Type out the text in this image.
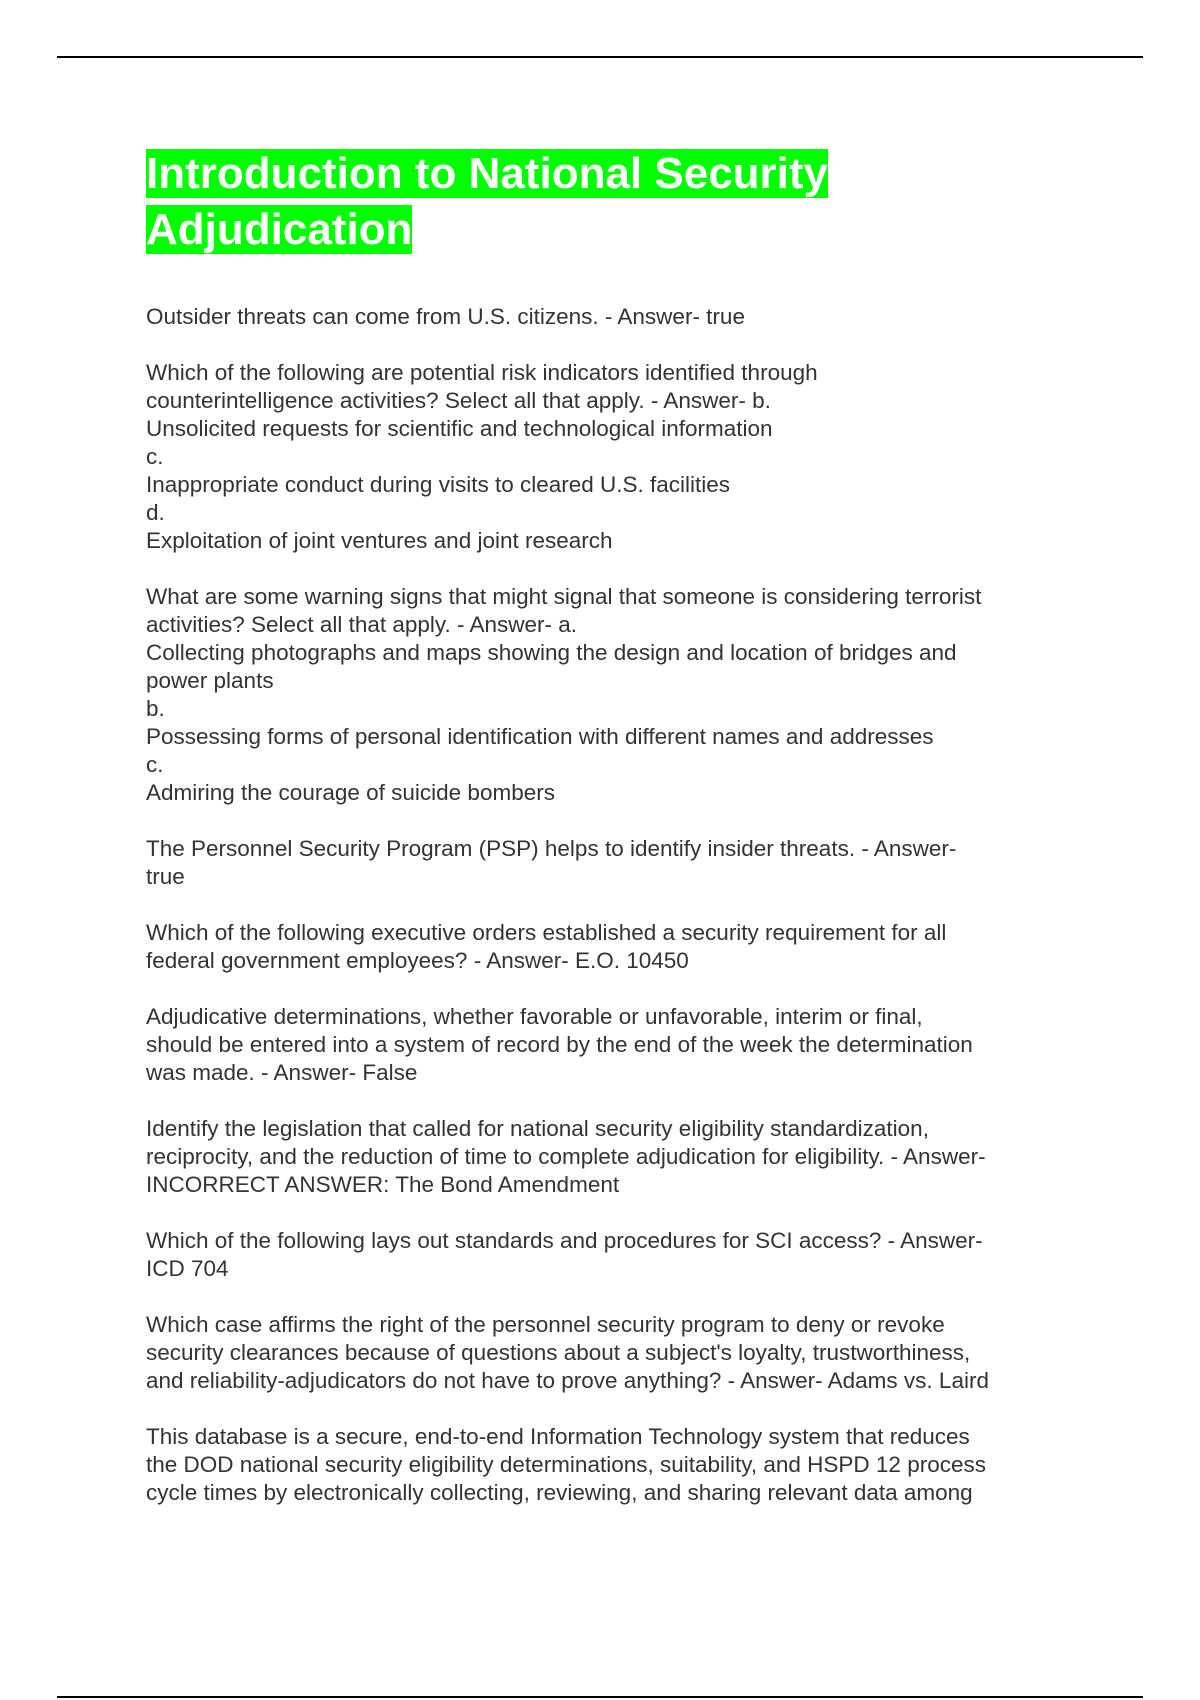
Introduction to National Security Adjudication

Outsider threats can come from U.S. citizens. - Answer- true

Which of the following are potential risk indicators identified through
counterintelligence activities? Select all that apply. - Answer- b.
Unsolicited requests for scientific and technological information
c.
Inappropriate conduct during visits to cleared U.S. facilities
d.
Exploitation of joint ventures and joint research

What are some warning signs that might signal that someone is considering terrorist
activities? Select all that apply. - Answer- a.
Collecting photographs and maps showing the design and location of bridges and
power plants
b.
Possessing forms of personal identification with different names and addresses
c.
Admiring the courage of suicide bombers

The Personnel Security Program (PSP) helps to identify insider threats. - Answer-
true

Which of the following executive orders established a security requirement for all
federal government employees? - Answer- E.O. 10450

Adjudicative determinations, whether favorable or unfavorable, interim or final,
should be entered into a system of record by the end of the week the determination
was made. - Answer- False

Identify the legislation that called for national security eligibility standardization,
reciprocity, and the reduction of time to complete adjudication for eligibility. - Answer-
INCORRECT ANSWER: The Bond Amendment

Which of the following lays out standards and procedures for SCI access? - Answer-
ICD 704

Which case affirms the right of the personnel security program to deny or revoke
security clearances because of questions about a subject's loyalty, trustworthiness,
and reliability-adjudicators do not have to prove anything? - Answer- Adams vs. Laird

This database is a secure, end-to-end Information Technology system that reduces
the DOD national security eligibility determinations, suitability, and HSPD 12 process
cycle times by electronically collecting, reviewing, and sharing relevant data among
